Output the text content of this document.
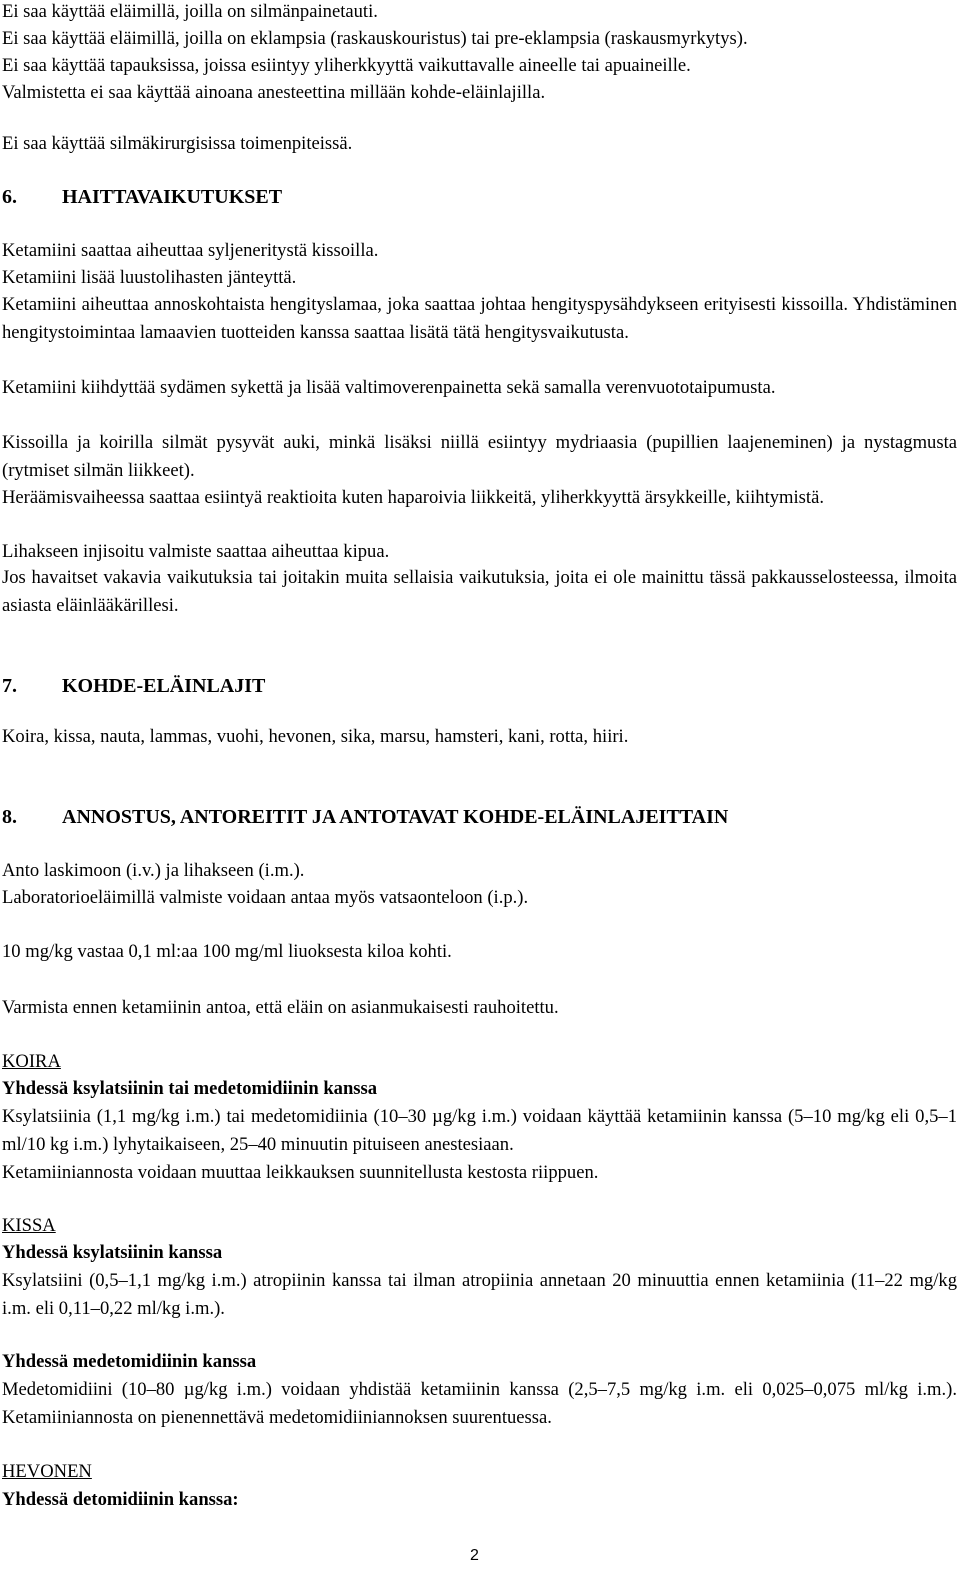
Ei saa käyttää eläimillä, joilla on silmänpainetauti.

Ei saa käyttää eläimillä, joilla on eklampsia (raskauskouristus) tai pre-eklampsia (raskausmyrkytys).

Ei saa käyttää tapauksissa, joissa esiintyy yliherkkyyttä vaikuttavalle aineelle tai apuaineille.

Valmistetta ei saa käyttää ainoana anesteettina millään kohde-eläinlajilla.

Ei saa käyttää silmäkirurgisissa toimenpiteissä.

6. HAITTAVAIKUTUKSET

Ketamiini saattaa aiheuttaa syljeneritystä kissoilla.

Ketamiini lisää luustolihasten jänteyttä.

Ketamiini aiheuttaa annoskohtaista hengityslamaa, joka saattaa johtaa hengityspysähdykseen erityisesti kissoilla. Yhdistäminen hengitystoimintaa lamaavien tuotteiden kanssa saattaa lisätä tätä hengitysvaikutusta.

Ketamiini kiihdyttää sydämen sykettä ja lisää valtimoverenpainetta sekä samalla verenvuototaipumusta.

Kissoilla ja koirilla silmät pysyvät auki, minkä lisäksi niillä esiintyy mydriaasia (pupillien laajeneminen) ja nystagmusta (rytmiset silmän liikkeet).

Heräämisvaiheessa saattaa esiintyä reaktioita kuten haparoivia liikkeitä, yliherkkyyttä ärsykkeille, kiihtymistä.

Lihakseen injisoitu valmiste saattaa aiheuttaa kipua.

Jos havaitset vakavia vaikutuksia tai joitakin muita sellaisia vaikutuksia, joita ei ole mainittu tässä pakkausselosteessa, ilmoita asiasta eläinlääkärillesi.

7. KOHDE-ELÄINLAJIT

Koira, kissa, nauta, lammas, vuohi, hevonen, sika, marsu, hamsteri, kani, rotta, hiiri.

8. ANNOSTUS, ANTOREITIT JA ANTOTAVAT KOHDE-ELÄINLAJEITTAIN

Anto laskimoon (i.v.) ja lihakseen (i.m.).

Laboratorioeläimillä valmiste voidaan antaa myös vatsaonteloon (i.p.).

10 mg/kg vastaa 0,1 ml:aa 100 mg/ml liuoksesta kiloa kohti.

Varmista ennen ketamiinin antoa, että eläin on asianmukaisesti rauhoitettu.

KOIRA

Yhdessä ksylatsiinin tai medetomidiinin kanssa

Ksylatsiinia (1,1 mg/kg i.m.) tai medetomidiinia (10–30 µg/kg i.m.) voidaan käyttää ketamiinin kanssa (5–10 mg/kg eli 0,5–1 ml/10 kg i.m.) lyhytaikaiseen, 25–40 minuutin pituiseen anestesiaan.

Ketamiiniannosta voidaan muuttaa leikkauksen suunnitellusta kestosta riippuen.

KISSA

Yhdessä ksylatsiinin kanssa

Ksylatsiini (0,5–1,1 mg/kg i.m.) atropiinin kanssa tai ilman atropiinia annetaan 20 minuuttia ennen ketamiinia (11–22 mg/kg i.m. eli 0,11–0,22 ml/kg i.m.).

Yhdessä medetomidiinin kanssa

Medetomidiini (10–80 µg/kg i.m.) voidaan yhdistää ketamiinin kanssa (2,5–7,5 mg/kg i.m. eli 0,025–0,075 ml/kg i.m.). Ketamiiniannosta on pienennettävä medetomidiiniannoksen suurentuessa.

HEVONEN

Yhdessä detomidiinin kanssa:

2
